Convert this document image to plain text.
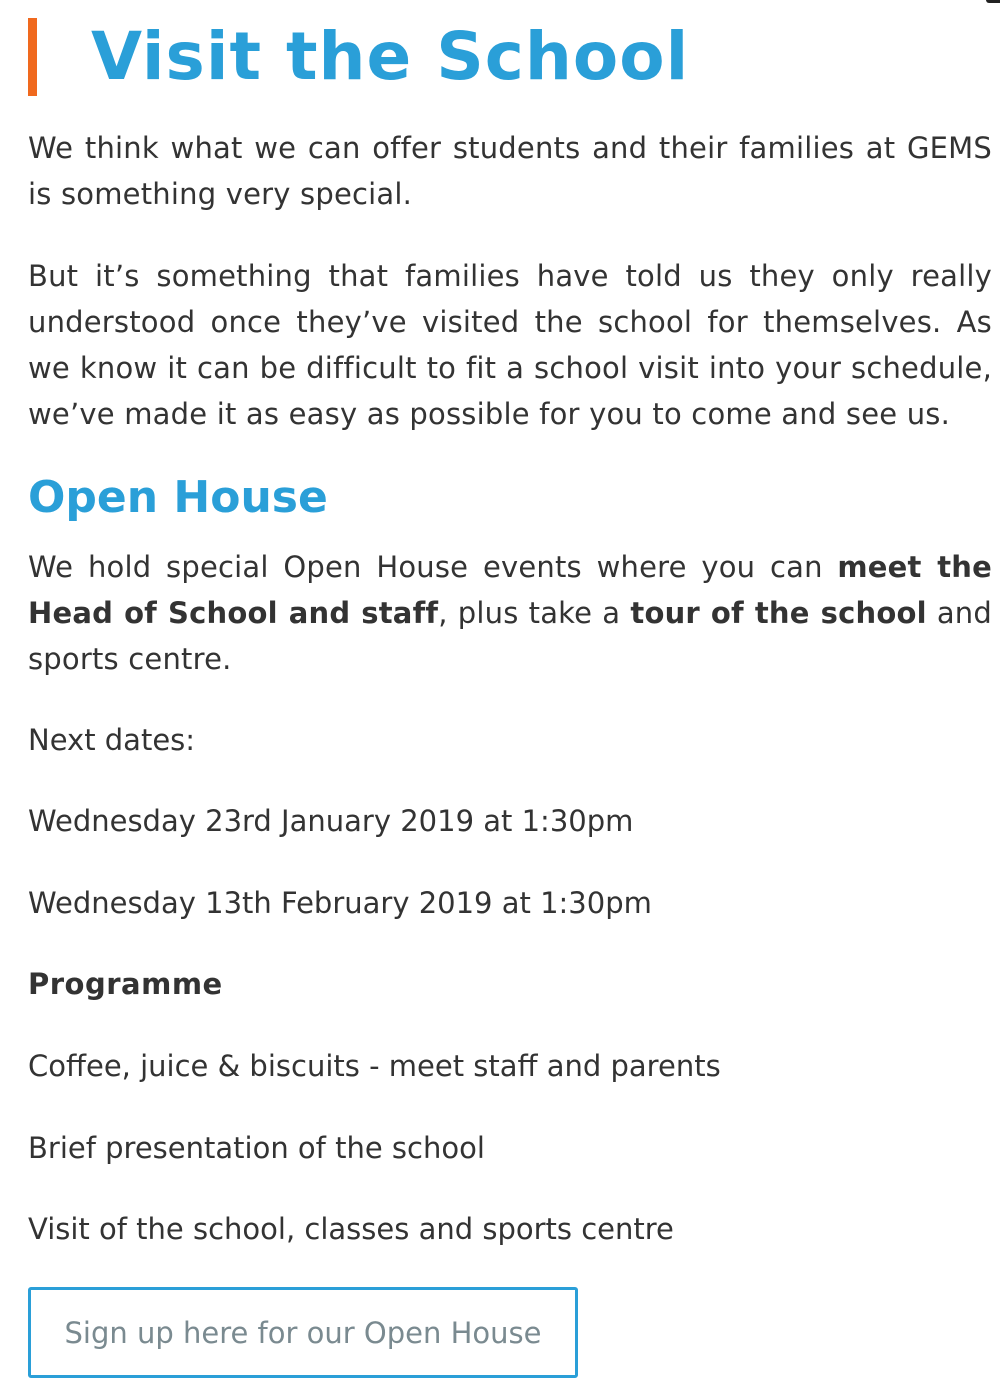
Visit the School

We think what we can offer students and their families at GEMS is something very special.

But it’s something that families have told us they only really understood once they’ve visited the school for themselves. As we know it can be difficult to fit a school visit into your schedule, we’ve made it as easy as possible for you to come and see us.

Open House

We hold special Open House events where you can meet the Head of School and staff, plus take a tour of the school and sports centre.

Next dates:
Wednesday 23rd January 2019 at 1:30pm
Wednesday 13th February 2019 at 1:30pm
Programme
Coffee, juice & biscuits - meet staff and parents
Brief presentation of the school
Visit of the school, classes and sports centre
Sign up here for our Open House
